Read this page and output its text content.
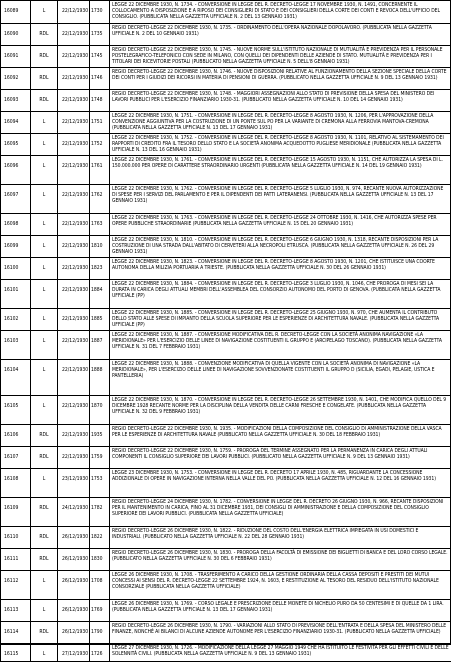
16089	L	22/12/1930	1730	LEGGE 22 DICEMBRE 1930, N. 1734. - CONVERSIONE IN LEGGE DEL R. DECRETO-LEGGE 17 NOVEMBRE 1930, N. 1491, CONCERNENTE IL COLLOCAMENTO A DISPOSIZIONE E A RIPOSO DEI CONSIGLIERI DI STATO E DEI CONSIGLIERI DELLA CORTE DEI CONTI E REVOCA DELL'UFFICIO DEL CONSIGLIO. (PUBBLICATA NELLA GAZZETTA UFFICIALE N. 2 DEL 13 GENNAIO 1931)
16090	RDL	22/12/1930	1735	REGIO DECRETO-LEGGE 22 DICEMBRE 1930, N. 1735. - ORDINAMENTO DELL'OPERA NAZIONALE DOPOLAVORO. (PUBBLICATA NELLA GAZZETTA UFFICIALE N. 2 DEL 10 GENNAIO 1931)
16091	RDL	22/12/1930	1745	REGIO DECRETO-LEGGE 22 DICEMBRE 1930, N. 1745. - NUOVE NORME SULL'ISTITUTO NAZIONALE DI MUTUALITÀ E PREVIDENZA PER IL PERSONALE POSTELEGRAFICO-TELEFONICO CON SEDE IN MILANO, CON QUELLI DEI DIPENDENTI DELLE AZIENDE DI STATO. MUTUALITÀ E PREVIDENZA PER I TITOLARI DEI RICEVITORIE POSTALI (PUBBLICATO NELLA GAZZETTA UFFICIALE N. 5 DELL'8 GENNAIO 1931)
16092	RDL	22/12/1930	1746	REGIO DECRETO-LEGGE 22 DICEMBRE 1930, N. 1746. - NUOVE DISPOSIZIONI RELATIVE AL FUNZIONAMENTO DELLA SEZIONE SPECIALE DELLA CORTE DEI CONTI PER I GIUDIZI DEI RICORSI IN MATERIA DI PENSIONI DI GUERRA. (PUBBLICATO NELLA GAZZETTA UFFICIALE N. 9 DEL 13 GENNAIO 1931)
16093	RDL	22/12/1930	1748	REGIO DECRETO-LEGGE 22 DICEMBRE 1930, N. 1748. - MAGGIORI ASSEGNAZIONI ALLO STATO DI PREVISIONE DELLA SPESA DEL MINISTERO DEI LAVORI PUBBLICI PER L'ESERCIZIO FINANZIARIO 1930-31. (PUBBLICATO NELLA GAZZETTA UFFICIALE N. 10 DEL 14 GENNAIO 1931)
16094	L	22/12/1930	1751	LEGGE 22 DICEMBRE 1930, N. 1751. - CONVERSIONE IN LEGGE DEL R. DECRETO-LEGGE 8 AGOSTO 1930, N. 1206, PER L'APPROVAZIONE DELLA CONVENZIONE AGGIUNTIVA PER LA COSTRUZIONE DI UN PONTE SUL PO PER LA VARIANTE DI CREMONA ALLA FERROVIA MANTOVA-CREMONA (PUBBLICATA NELLA GAZZETTA UFFICIALE N. 13 DEL 17 GENNAIO 1931)
16095	L	22/12/1930	1752	LEGGE 22 DICEMBRE 1930, N. 1752. - CONVERSIONE IN LEGGE DEL R. DECRETO-LEGGE 8 AGOSTO 1930, N. 1101, RELATIVO AL SISTEMAMENTO DEI RAPPORTI DI CREDITO FRA IL TESORO DELLO STATO E LA SOCIETÀ ANONIMA ACQUEDOTTO PUGLIESE MERIDIONALE (PUBBLICATA NELLA GAZZETTA UFFICIALE N. 13 DEL 16 GENNAIO 1931)
16096	L	22/12/1930	1761	LEGGE 22 DICEMBRE 1930, N. 1761. - CONVERSIONE IN LEGGE DEL R. DECRETO-LEGGE 15 AGOSTO 1930, N. 1151, CHE AUTORIZZA LA SPESA DI L. 150.000.000 PER OPERE DI CARATTERE STRAORDINARIO URGENTI (PUBBLICATA NELLA GAZZETTA UFFICIALE N. 14 DEL 19 GENNAIO 1931)
16097	L	22/12/1930	1762	LEGGE 22 DICEMBRE 1930, N. 1762. - CONVERSIONE IN LEGGE DEL R. DECRETO-LEGGE 5 LUGLIO 1930, N. 974, RECANTE NUOVA AUTORIZZAZIONE DI SPESE PER I SERVIZI DEL PARLAMENTO E PER IL DIPENDENTI DEI PATTI LATERANENSI. (PUBBLICATA NELLA GAZZETTA UFFICIALE N. 13 DEL 17 GENNAIO 1931)
16098	L	22/12/1930	1763	LEGGE 22 DICEMBRE 1930, N. 1763. - CONVERSIONE IN LEGGE DEL R. DECRETO-LEGGE 24 OTTOBRE 1930, N. 1416, CHE AUTORIZZA SPESE PER OPERE PUBBLICHE STRAORDINARIE (PUBBLICATA NELLA GAZZETTA UFFICIALE N. 15 DEL 20 GENNAIO 1931)
16099	L	22/12/1930	1810	LEGGE 22 DICEMBRE 1930, N. 1810. - CONVERSIONE IN LEGGE DEL R. DECRETO-LEGGE 6 GIUGNO 1930, N. 1318, RECANTE DISPOSIZIONI PER LA COSTRUZIONE DI UNA STRADA DALL'ABITATO DI CERVETERI ALLA NECROPOLI ETRUSCA. (PUBBLICATA NELLA GAZZETTA UFFICIALE N. 26 DEL 29 GENNAIO 1931)
16100	L	22/12/1930	1823	LEGGE 22 DICEMBRE 1930, N. 1823. - CONVERSIONE IN LEGGE DEL R. DECRETO-LEGGE 8 AGOSTO 1930, N. 1201, CHE ISTITUISCE UNA COORTE AUTONOMA DELLA MILIZIA PORTUARIA A TRIESTE. (PUBBLICATA NELLA GAZZETTA UFFICIALE N. 30 DEL 26 GENNAIO 1931)
16101	L	22/12/1930	1884	LEGGE 22 DICEMBRE 1930, N. 1884. - CONVERSIONE IN LEGGE DEL R. DECRETO-LEGGE 3 LUGLIO 1930, N. 1046, CHE PROROGA DI MESI SEI LA DURATA IN CARICA DEGLI ATTUALI MEMBRI DELL'ASSEMBLEA DEL CONSORZIO AUTONOMO DEL PORTO DI GENOVA. (PUBBLICATA NELLA GAZZETTA UFFICIALE (PP)
16102	L	22/12/1930	1885	LEGGE 22 DICEMBRE 1930, N. 1885. - CONVERSIONE IN LEGGE DEL R. DECRETO-LEGGE 25 GIUGNO 1930, N. 970, CHE AUMENTA IL CONTRIBUTO DELLO STATO ALLE SPESE DI IMPIANTO DELLA SCUOLA SUPERIORE PER LE ESPERIENZE DI ARCHITETTURA NAVALE. (PUBBLICATA NELLA GAZZETTA UFFICIALE (PP)
16103	L	22/12/1930	1887	LEGGE 22 DICEMBRE 1930, N. 1887. - CONVERSIONE MODIFICATIVA DEL R. DECRETO-LEGGE CON LA SOCIETÀ ANONIMA NAVIGAZIONE «LA MERIDIONALE» PER L'ESERCIZIO DELLE LINEE DI NAVIGAZIONE COSTITUENTI IL GRUPPO E (ARCIPELAGO TOSCANO). (PUBBLICATA NELLA GAZZETTA UFFICIALE N. 31 DEL 7 FEBBRAIO 1931)
16104	L	22/12/1930	1888	LEGGE 22 DICEMBRE 1930, N. 1888. - CONVENZIONE MODIFICATIVA DI QUELLA VIGENTE CON LA SOCIETÀ ANONIMA DI NAVIGAZIONE «LA MERIDIONALE», PER L'ESERCIZIO DELLE LINEE DI NAVIGAZIONE SOVVENZIONATE COSTITUENTI IL GRUPPO D (SICILIA, EGADI, PELAGIE, USTICA E PANTELLERIA)
16105	L	22/12/1930	1870	LEGGE 22 DICEMBRE 1930, N. 1870. - CONVERSIONE IN LEGGE DEL R. DECRETO-LEGGE 26 SETTEMBRE 1930, N. 1401, CHE MODIFICA QUELLO DEL 9 DICEMBRE 1928 RECANTE NORME PER LA DISCIPLINA DELLA VENDITA DELLE CARNI FRESCHE E CONGELATE. (PUBBLICATA NELLA GAZZETTA UFFICIALE N. 32 DEL 9 FEBBRAIO 1931)
16106	RDL	22/12/1930	1935	REGIO DECRETO-LEGGE 22 DICEMBRE 1930, N. 1935. - MODIFICAZIONI DELLA COMPOSIZIONE DEL CONSIGLIO DI AMMINISTRAZIONE DELLA VASCA PER LE ESPERIENZE DI ARCHITETTURA NAVALE (PUBBLICATO NELLA GAZZETTA UFFICIALE N. 30 DEL 18 FEBBRAIO 1931)
16107	RDL	22/12/1930	1759	REGIO DECRETO-LEGGE 22 DICEMBRE 1930, N. 1759. - PROROGA DEL TERMINE ASSEGNATO PER LA PERMANENZA IN CARICA DEGLI ATTUALI COMPONENTI IL CONSIGLIO SUPERIORE DEI LAVORI PUBBLICI. (PUBBLICATO NELLA GAZZETTA UFFICIALE N. 9 DEL 13 GENNAIO 1931)
16108	L	23/12/1930	1753	LEGGE 23 DICEMBRE 1930, N. 1753. - CONVERSIONE IN LEGGE DEL R. DECRETO 17 APRILE 1930, N. 485, RIGUARDANTE LA CONCESSIONE ADDIZIONALE DI OPERE IN NAVIGAZIONE INTERNA NELLA VALLE DEL PO. (PUBBLICATA NELLA GAZZETTA UFFICIALE N. 12 DEL 16 GENNAIO 1931)
16109	RDL	24/12/1930	1782	REGIO DECRETO-LEGGE 24 DICEMBRE 1930, N. 1782. - CONVERSIONE IN LEGGE DEL R. DECRETO 26 GIUGNO 1930, N. 966, RECANTE DISPOSIZIONI PER IL MANTENIMENTO IN CARICA, FINO AL 31 DICEMBRE 1931, DEI CONSIGLI DI AMMINISTRAZIONE E DELLA COMPOSIZIONE DEL CONSIGLIO SUPERIORE DEI LAVORI PUBBLICI. (PUBBLICATA NELLA GAZZETTA UFFICIALE)
16110	RDL	26/12/1930	1822	REGIO DECRETO-LEGGE 26 DICEMBRE 1930, N. 1822. - RIDUZIONE DEL COSTO DELL'ENERGIA ELETTRICA IMPIEGATA IN USI DOMESTICI E INDUSTRIALI. (PUBBLICATO NELLA GAZZETTA UFFICIALE N. 22 DEL 28 GENNAIO 1931)
16111	RDL	26/12/1930	1830	REGIO DECRETO-LEGGE 26 DICEMBRE 1930, N. 1830. - PROROGA DELLA FACOLTÀ DI EMISSIONE DEI BIGLIETTI DI BANCA E DEL LORO CORSO LEGALE. (PUBBLICATO NELLA GAZZETTA UFFICIALE N. 30 DEL 6 FEBBRAIO 1931)
16112	L	26/12/1930	1708	LEGGE 26 DICEMBRE 1930, N. 1708. - TRASFERIMENTO A CARICO DELLA GESTIONE ORDINARIA DELLA CASSA DEPOSITI E PRESTITI DEI MUTUI CONCESSI AI SENSI DEL R. DECRETO-LEGGE 22 SETTEMBRE 1924, N. 1603, E RESTITUZIONE AL TESORO DEL RESIDUO DELL'ISTITUTO NAZIONALE CONSORZIALE (PUBBLICATA NELLA GAZZETTA UFFICIALE)
16113	L	26/12/1930	1769	LEGGE 26 DICEMBRE 1930, N. 1769. - CORSO LEGALE E PRESCRIZIONE DELLE MONETE DI NICHELIO PURO DA 50 CENTESIMI E DI QUELLE DA 1 LIRA. (PUBBLICATA NELLA GAZZETTA UFFICIALE N. 13 DEL 17 GENNAIO 1931)
16114	RDL	26/12/1930	1790	REGIO DECRETO-LEGGE 26 DICEMBRE 1930, N. 1790. - VARIAZIONI ALLO STATO DI PREVISIONE DELL'ENTRATA E DELLA SPESA DEL MINISTERO DELLE FINANZE, NONCHÉ AI BILANCI DI ALCUNE AZIENDE AUTONOME PER L'ESERCIZIO FINANZIARIO 1930-31. (PUBBLICATO NELLA GAZZETTA UFFICIALE)
16115	L	27/12/1930	1726	LEGGE 27 DICEMBRE 1930, N. 1726. - MODIFICAZIONE DELLA LEGGE 27 MAGGIO 1949 CHE HA ISTITUITO LE FESTIVITÀ PER GLI EFFETTI CIVILI E DELLE SOLENNITÀ CIVILI. (PUBBLICATA NELLA GAZZETTA UFFICIALE N. 9 DEL 13 GENNAIO 1931)
